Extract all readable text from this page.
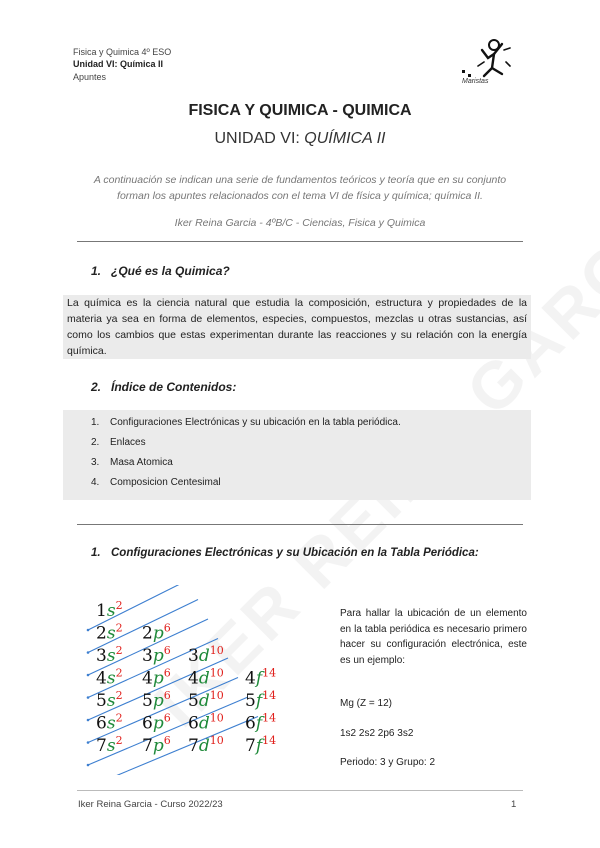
Fisica y Quimica 4º ESO
Unidad VI: Química II
Apuntes	Maristas
FISICA Y QUIMICA - QUIMICA
UNIDAD VI: QUÍMICA II
A continuación se indican una serie de fundamentos teóricos y teoría que en su conjunto forman los apuntes relacionados con el tema VI de física y química; química II.
Iker Reina Garcia - 4ºB/C - Ciencias, Fisica y Quimica
1. ¿Qué es la Quimica?
La química es la ciencia natural que estudia la composición, estructura y propiedades de la materia ya sea en forma de elementos, especies, compuestos, mezclas u otras sustancias, así como los cambios que estas experimentan durante las reacciones y su relación con la energía química.
2. Índice de Contenidos:
1. Configuraciones Electrónicas y su ubicación en la tabla periódica.
2. Enlaces
3. Masa Atomica
4. Composicion Centesimal
1. Configuraciones Electrónicas y su Ubicación en la Tabla Periódica:
$1s^2$
$2s^2$ $2p^6$
$3s^2$ $3p^6$ $3d^{10}$
$4s^2$ $4p^6$ $4d^{10}$ $4f^{14}$
$5s^2$ $5p^6$ $5d^{10}$ $5f^{14}$
$6s^2$ $6p^6$ $6d^{10}$ $6f^{14}$
$7s^2$ $7p^6$ $7d^{10}$ $7f^{14}$
Para hallar la ubicación de un elemento en la tabla periódica es necesario primero hacer su configuración electrónica, este es un ejemplo:
Mg (Z = 12)
1s2 2s2 2p6 3s2
Periodo: 3 y Grupo: 2
Iker Reina Garcia - Curso 2022/23	1
